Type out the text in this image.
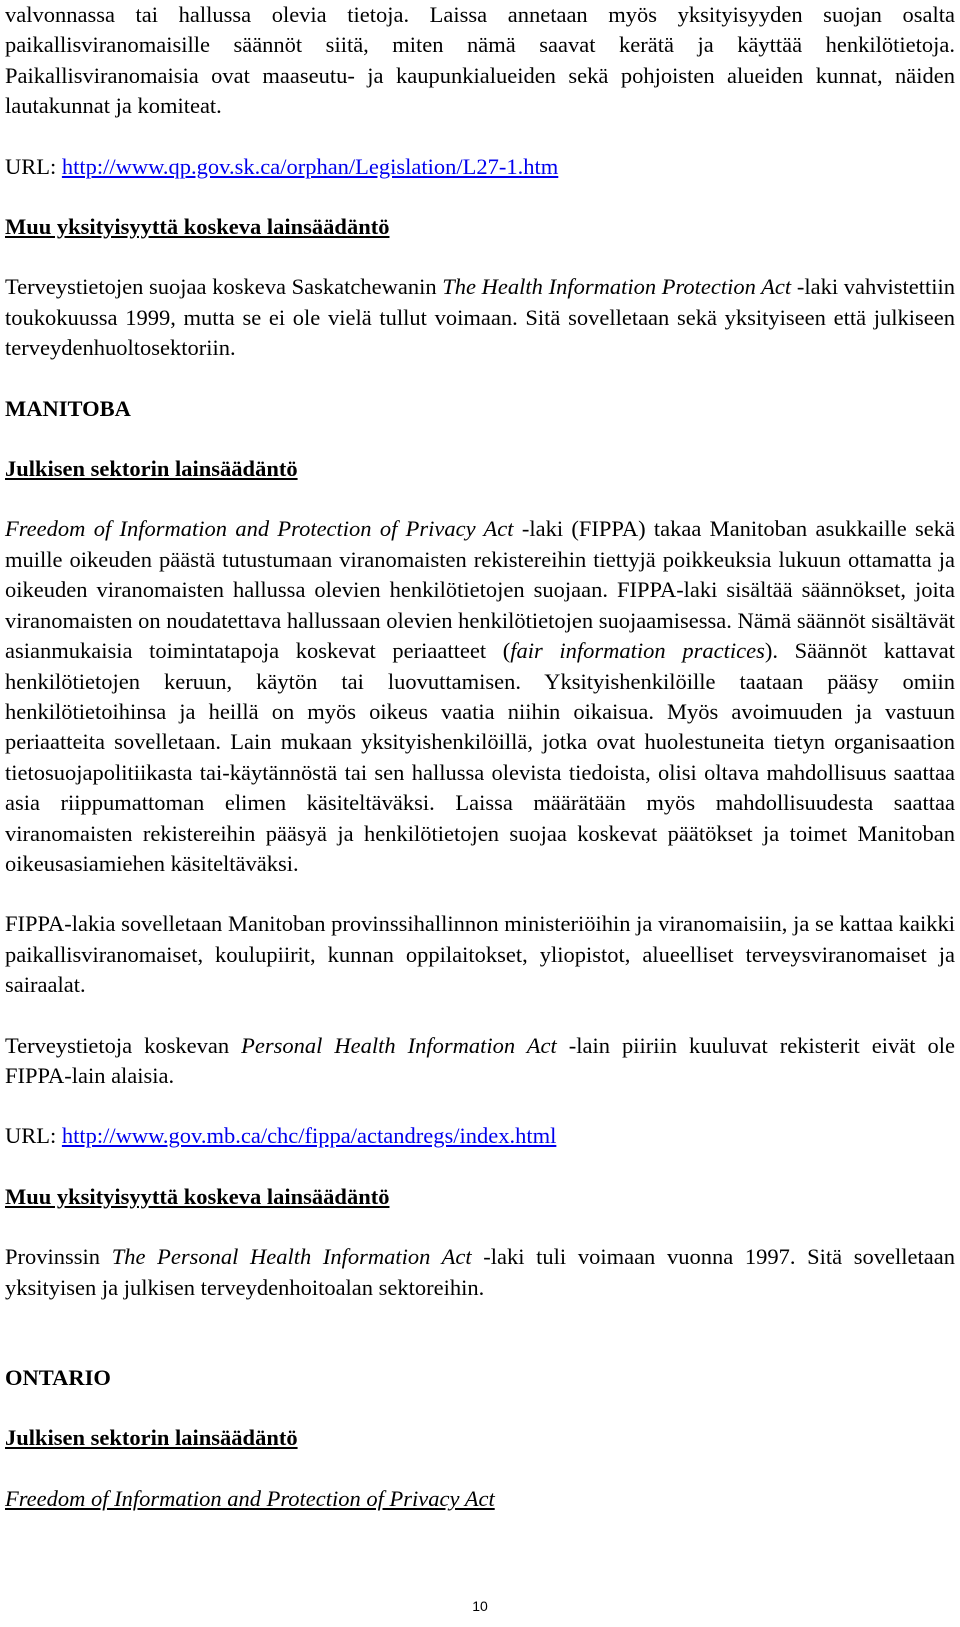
valvonnassa tai hallussa olevia tietoja. Laissa annetaan myös yksityisyyden suojan osalta paikallisviranomaisille säännöt siitä, miten nämä saavat kerätä ja käyttää henkilötietoja. Paikallisviranomaisia ovat maaseutu- ja kaupunkialueiden sekä pohjoisten alueiden kunnat, näiden lautakunnat ja komiteat.

URL: http://www.qp.gov.sk.ca/orphan/Legislation/L27-1.htm

Muu yksityisyyttä koskeva lainsäädäntö

Terveystietojen suojaa koskeva Saskatchewanin The Health Information Protection Act -laki vahvistettiin toukokuussa 1999, mutta se ei ole vielä tullut voimaan. Sitä sovelletaan sekä yksityiseen että julkiseen terveydenhuoltosektoriin.

MANITOBA

Julkisen sektorin lainsäädäntö

Freedom of Information and Protection of Privacy Act -laki (FIPPA) takaa Manitoban asukkaille sekä muille oikeuden päästä tutustumaan viranomaisten rekistereihin tiettyjä poikkeuksia lukuun ottamatta ja oikeuden viranomaisten hallussa olevien henkilötietojen suojaan. FIPPA-laki sisältää säännökset, joita viranomaisten on noudatettava hallussaan olevien henkilötietojen suojaamisessa. Nämä säännöt sisältävät asianmukaisia toimintatapoja koskevat periaatteet (fair information practices). Säännöt kattavat henkilötietojen keruun, käytön tai luovuttamisen. Yksityishenkilöille taataan pääsy omiin henkilötietoihinsa ja heillä on myös oikeus vaatia niihin oikaisua. Myös avoimuuden ja vastuun periaatteita sovelletaan. Lain mukaan yksityishenkilöillä, jotka ovat huolestuneita tietyn organisaation tietosuojapolitiikasta tai-käytännöstä tai sen hallussa olevista tiedoista, olisi oltava mahdollisuus saattaa asia riippumattoman elimen käsiteltäväksi. Laissa määrätään myös mahdollisuudesta saattaa viranomaisten rekistereihin pääsyä ja henkilötietojen suojaa koskevat päätökset ja toimet Manitoban oikeusasiamiehen käsiteltäväksi.

FIPPA-lakia sovelletaan Manitoban provinssihallinnon ministeriöihin ja viranomaisiin, ja se kattaa kaikki paikallisviranomaiset, koulupiirit, kunnan oppilaitokset, yliopistot, alueelliset terveysviranomaiset ja sairaalat.

Terveystietoja koskevan Personal Health Information Act -lain piiriin kuuluvat rekisterit eivät ole FIPPA-lain alaisia.

URL: http://www.gov.mb.ca/chc/fippa/actandregs/index.html

Muu yksityisyyttä koskeva lainsäädäntö

Provinssin The Personal Health Information Act -laki tuli voimaan vuonna 1997. Sitä sovelletaan yksityisen ja julkisen terveydenhoitoalan sektoreihin.

ONTARIO

Julkisen sektorin lainsäädäntö

Freedom of Information and Protection of Privacy Act

10
